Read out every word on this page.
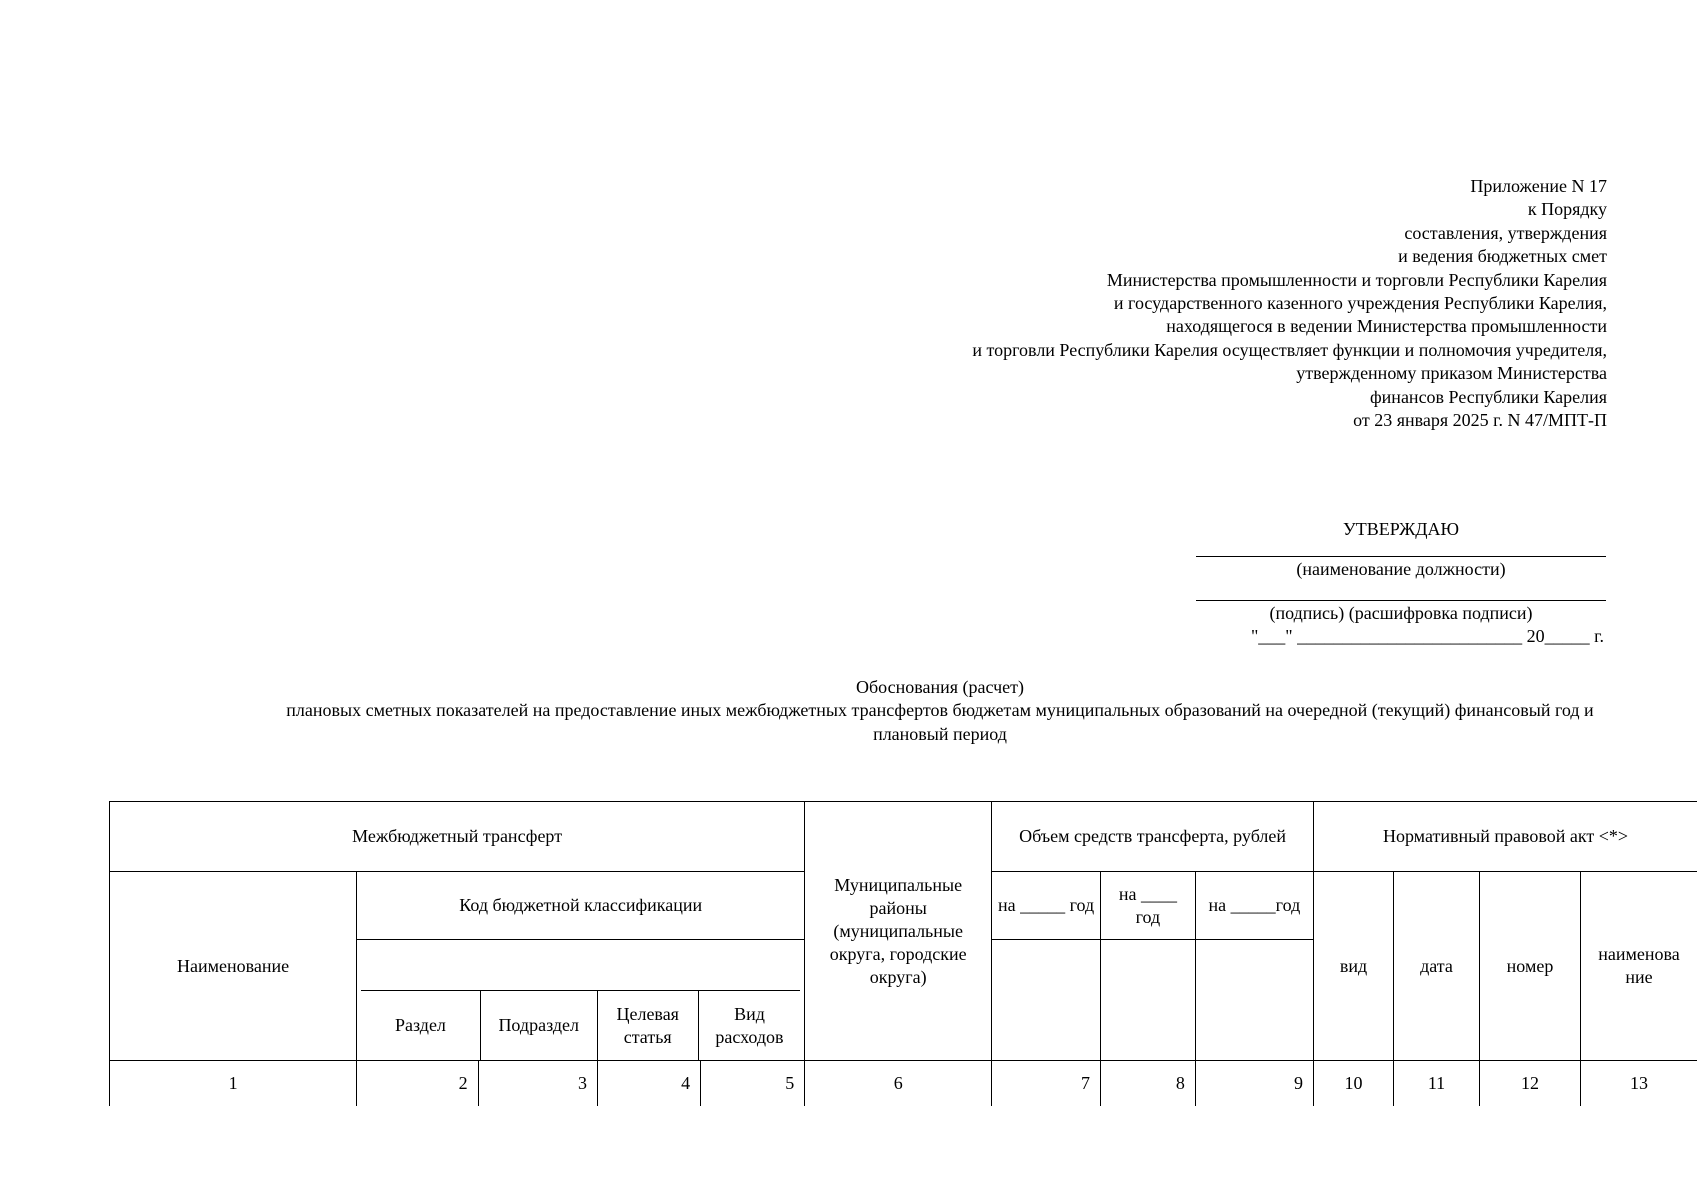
Приложение N 17
к Порядку
составления, утверждения
и ведения бюджетных смет
Министерства промышленности и торговли Республики Карелия
и государственного казенного учреждения Республики Карелия,
находящегося в ведении Министерства промышленности
и торговли Республики Карелия осуществляет функции и полномочия учредителя,
утвержденному приказом Министерства
финансов Республики Карелия
от 23 января 2025 г. N 47/МПТ-П
УТВЕРЖДАЮ
(наименование должности)
(подпись) (расшифровка подписи)
"___" _________________________ 20_____ г.
Обоснования (расчет)
плановых сметных показателей на предоставление иных межбюджетных трансфертов бюджетам муниципальных образований на очередной (текущий) финансовый год и
плановый период
Межбюджетный трансферт	Муниципальные районы (муниципальные округа, городские округа)	Объем средств трансферта, рублей	Нормативный правовой акт <*>
Наименование	Код бюджетной классификации	на _____ год	на ____ год	на _____год	вид	дата	номер	наименова ние

Раздел	Подраздел	Целевая статья	Вид расходов

1	2	3	4	5	6	7	8	9	10	11	12	13
